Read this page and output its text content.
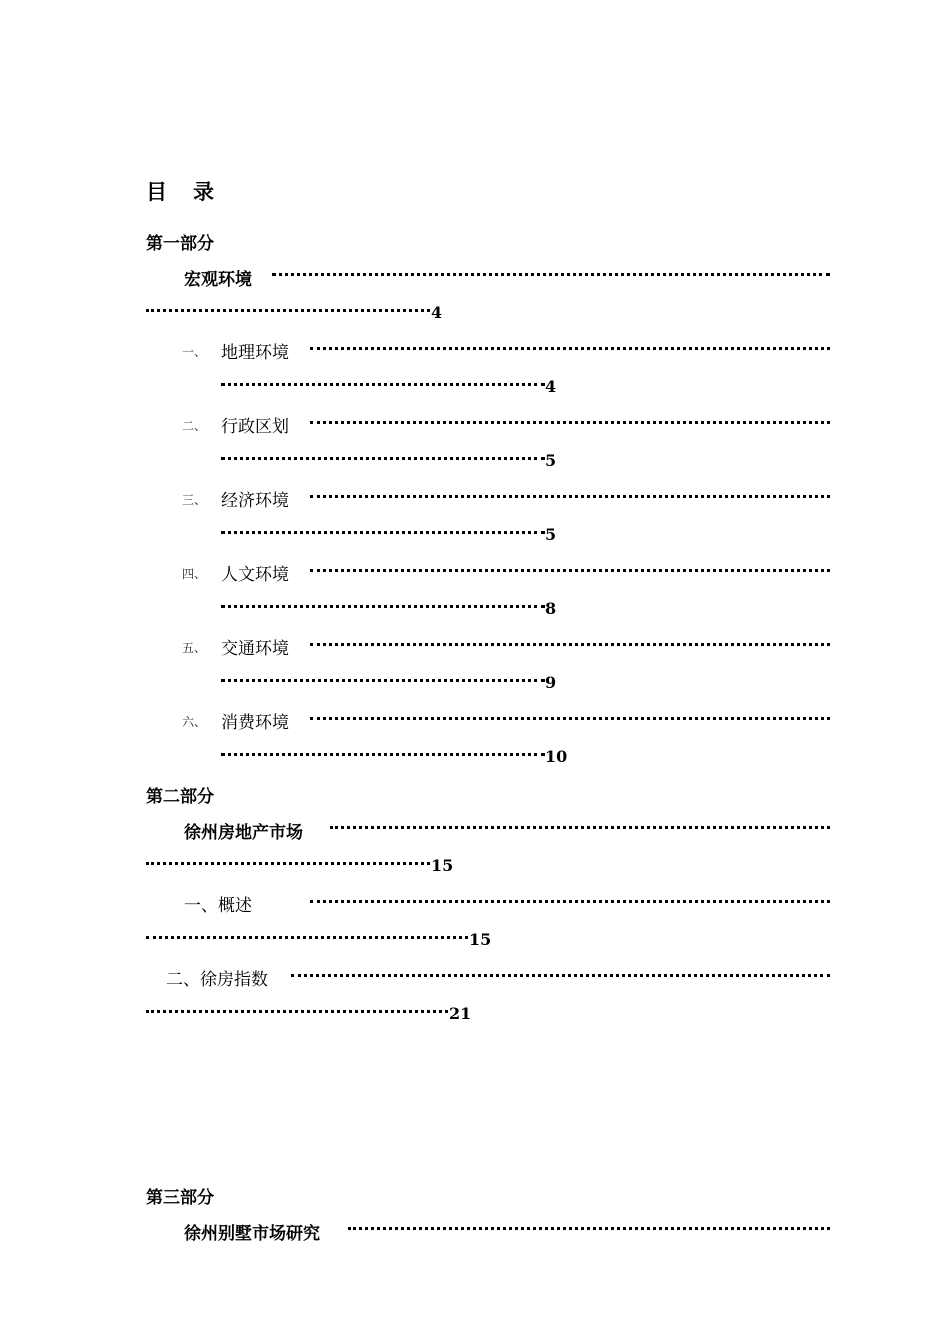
目 录
第一部分
宏观环境
4
一、 地理环境
4
二、 行政区划
5
三、 经济环境
5
四、 人文环境
8
五、 交通环境
9
六、 消费环境
10
第二部分
徐州房地产市场
15
一、概述
15
二、徐房指数
21
第三部分
徐州别墅市场研究
